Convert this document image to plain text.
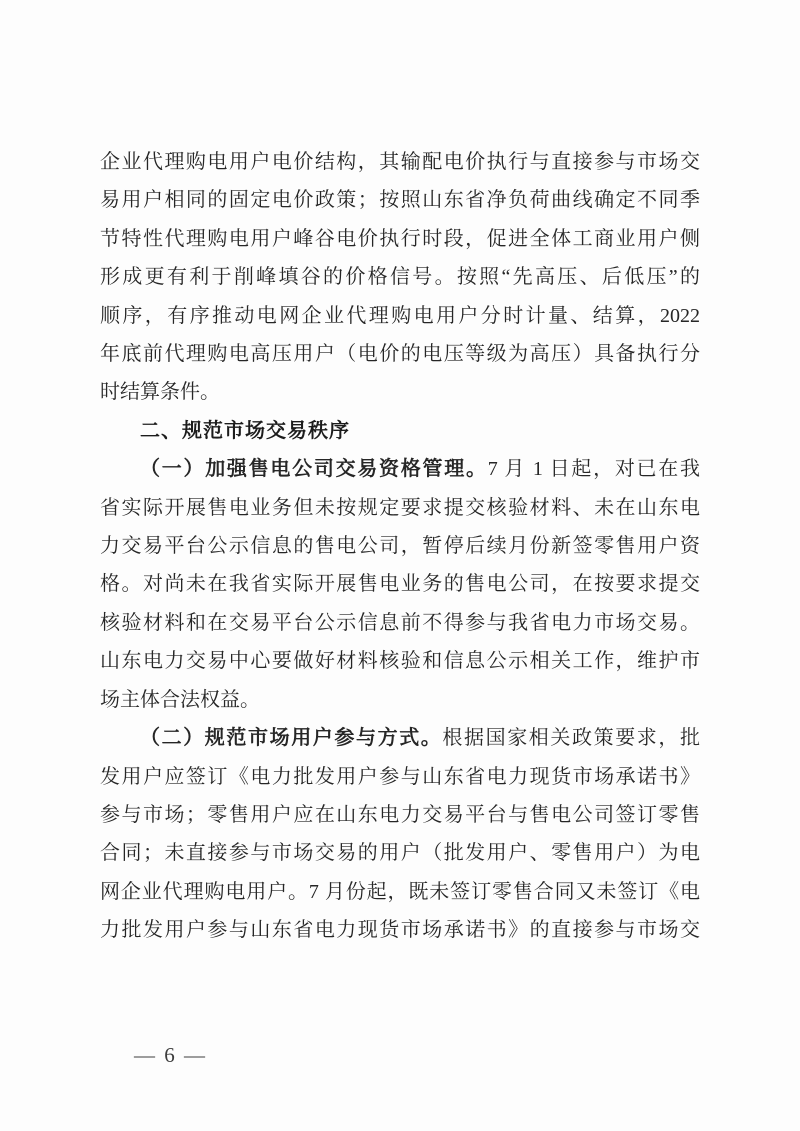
企业代理购电用户电价结构，其输配电价执行与直接参与市场交
易用户相同的固定电价政策；按照山东省净负荷曲线确定不同季
节特性代理购电用户峰谷电价执行时段，促进全体工商业用户侧
形成更有利于削峰填谷的价格信号。按照“先高压、后低压”的
顺序，有序推动电网企业代理购电用户分时计量、结算，2022
年底前代理购电高压用户（电价的电压等级为高压）具备执行分
时结算条件。
二、规范市场交易秩序
（一）加强售电公司交易资格管理。7 月 1 日起，对已在我
省实际开展售电业务但未按规定要求提交核验材料、未在山东电
力交易平台公示信息的售电公司，暂停后续月份新签零售用户资
格。对尚未在我省实际开展售电业务的售电公司，在按要求提交
核验材料和在交易平台公示信息前不得参与我省电力市场交易。
山东电力交易中心要做好材料核验和信息公示相关工作，维护市
场主体合法权益。
（二）规范市场用户参与方式。根据国家相关政策要求，批
发用户应签订《电力批发用户参与山东省电力现货市场承诺书》
参与市场；零售用户应在山东电力交易平台与售电公司签订零售
合同；未直接参与市场交易的用户（批发用户、零售用户）为电
网企业代理购电用户。7 月份起，既未签订零售合同又未签订《电
力批发用户参与山东省电力现货市场承诺书》的直接参与市场交
— 6 —
